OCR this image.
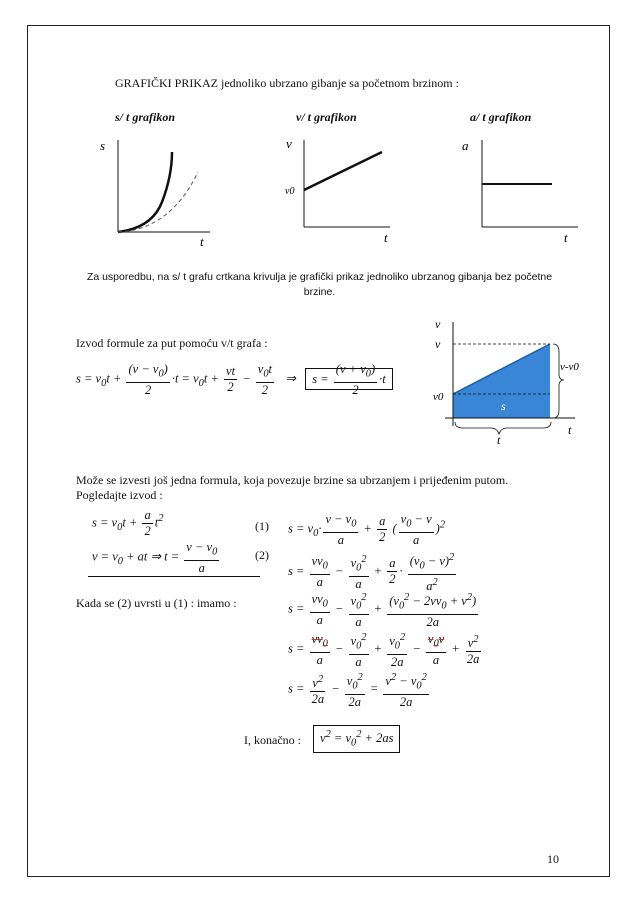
GRAFIČKI PRIKAZ jednoliko ubrzano gibanje sa početnom brzinom :
s/ t grafikon	v/ t grafikon	a/ t grafikon
s
t
v
v0
t
a
t
Za usporedbu, na s/ t grafu crtkana krivulja je grafički prikaz jednoliko ubrzanog gibanja bez početne
brzine.
Izvod formule za put pomoću v/t grafa :
$s = v_0t + \frac{(v - v_0)}{2} \cdot t = v_0t + \frac{vt}{2} - \frac{v_0t}{2}$ ⇒   $s = \frac{(v + v_0)}{2} \cdot t$
v
v
v0
s
v-v0
t
t
Može se izvesti još jedna formula, koja povezuje brzine sa ubrzanjem i prijeđenim putom.
Pogledajte izvod :
$s = v_0t + \frac{a}{2} t^2$
(1)
$v = v_0$ + at ⇒ $t = \frac{v - v_0}{a}$	(2)
Kada se (2) uvrsti u (1) : imamo :
$s = v_0\cdot \frac{v - v_0}{a} + \frac{a}{2}$ ( $\frac{v_0 - v}{a} )^2$
$s = \frac{vv_0}{a} - \frac{v_0^2}{a} + \frac{a}{2} \cdot \frac{(v_0 - v)^2}{a^2}$
$s = \frac{vv_0}{a} - \frac{v_0^2}{a} + \frac{(v_0^2 - 2vv_0 + v^2)}{2a}$
$s = \frac{vv_0}{a} - \frac{v_0^2}{a} + \frac{v_0^2}{2a} - \frac{v_0v}{a} + \frac{v^2}{2a}$
$s = \frac{v^2}{2a} - \frac{v_0^2}{2a} = \frac{v^2 - v_0^2}{2a}$
I, konačno :	$v^2 = v_0^2 + 2as$
10
